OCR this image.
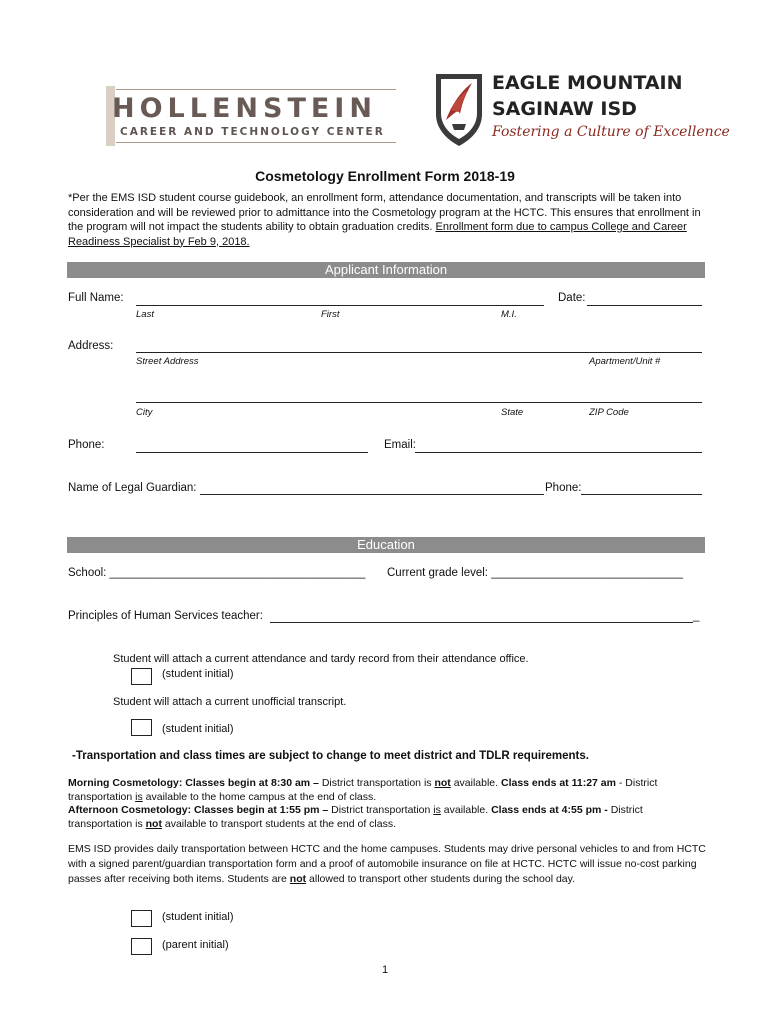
HOLLENSTEIN
CAREER AND TECHNOLOGY CENTER
EAGLE MOUNTAIN
SAGINAW ISD
Fostering a Culture of Excellence
Cosmetology Enrollment Form 2018-19
*Per the EMS ISD student course guidebook, an enrollment form, attendance documentation, and transcripts will be taken into consideration and will be reviewed prior to admittance into the Cosmetology program at the HCTC. This ensures that enrollment in the program will not impact the students ability to obtain graduation credits. Enrollment form due to campus College and Career Readiness Specialist by Feb 9, 2018.
Applicant Information
Full Name:	Date:
Last	First	M.I.
Address:
Street Address	Apartment/Unit #
City	State	ZIP Code
Phone:	Email:
Name of Legal Guardian:	Phone:
Education
School: ________________________________________ Current grade level: ______________________________
Principles of Human Services teacher:	_
Student will attach a current attendance and tardy record from their attendance office.
(student initial)
Student will attach a current unofficial transcript.
(student initial)
-Transportation and class times are subject to change to meet district and TDLR requirements.
Morning Cosmetology: Classes begin at 8:30 am – District transportation is not available. Class ends at 11:27 am - District transportation is available to the home campus at the end of class.
Afternoon Cosmetology: Classes begin at 1:55 pm – District transportation is available. Class ends at 4:55 pm - District transportation is not available to transport students at the end of class.
EMS ISD provides daily transportation between HCTC and the home campuses. Students may drive personal vehicles to and from HCTC with a signed parent/guardian transportation form and a proof of automobile insurance on file at HCTC. HCTC will issue no-cost parking passes after receiving both items. Students are not allowed to transport other students during the school day.
(student initial)
(parent initial)
1
